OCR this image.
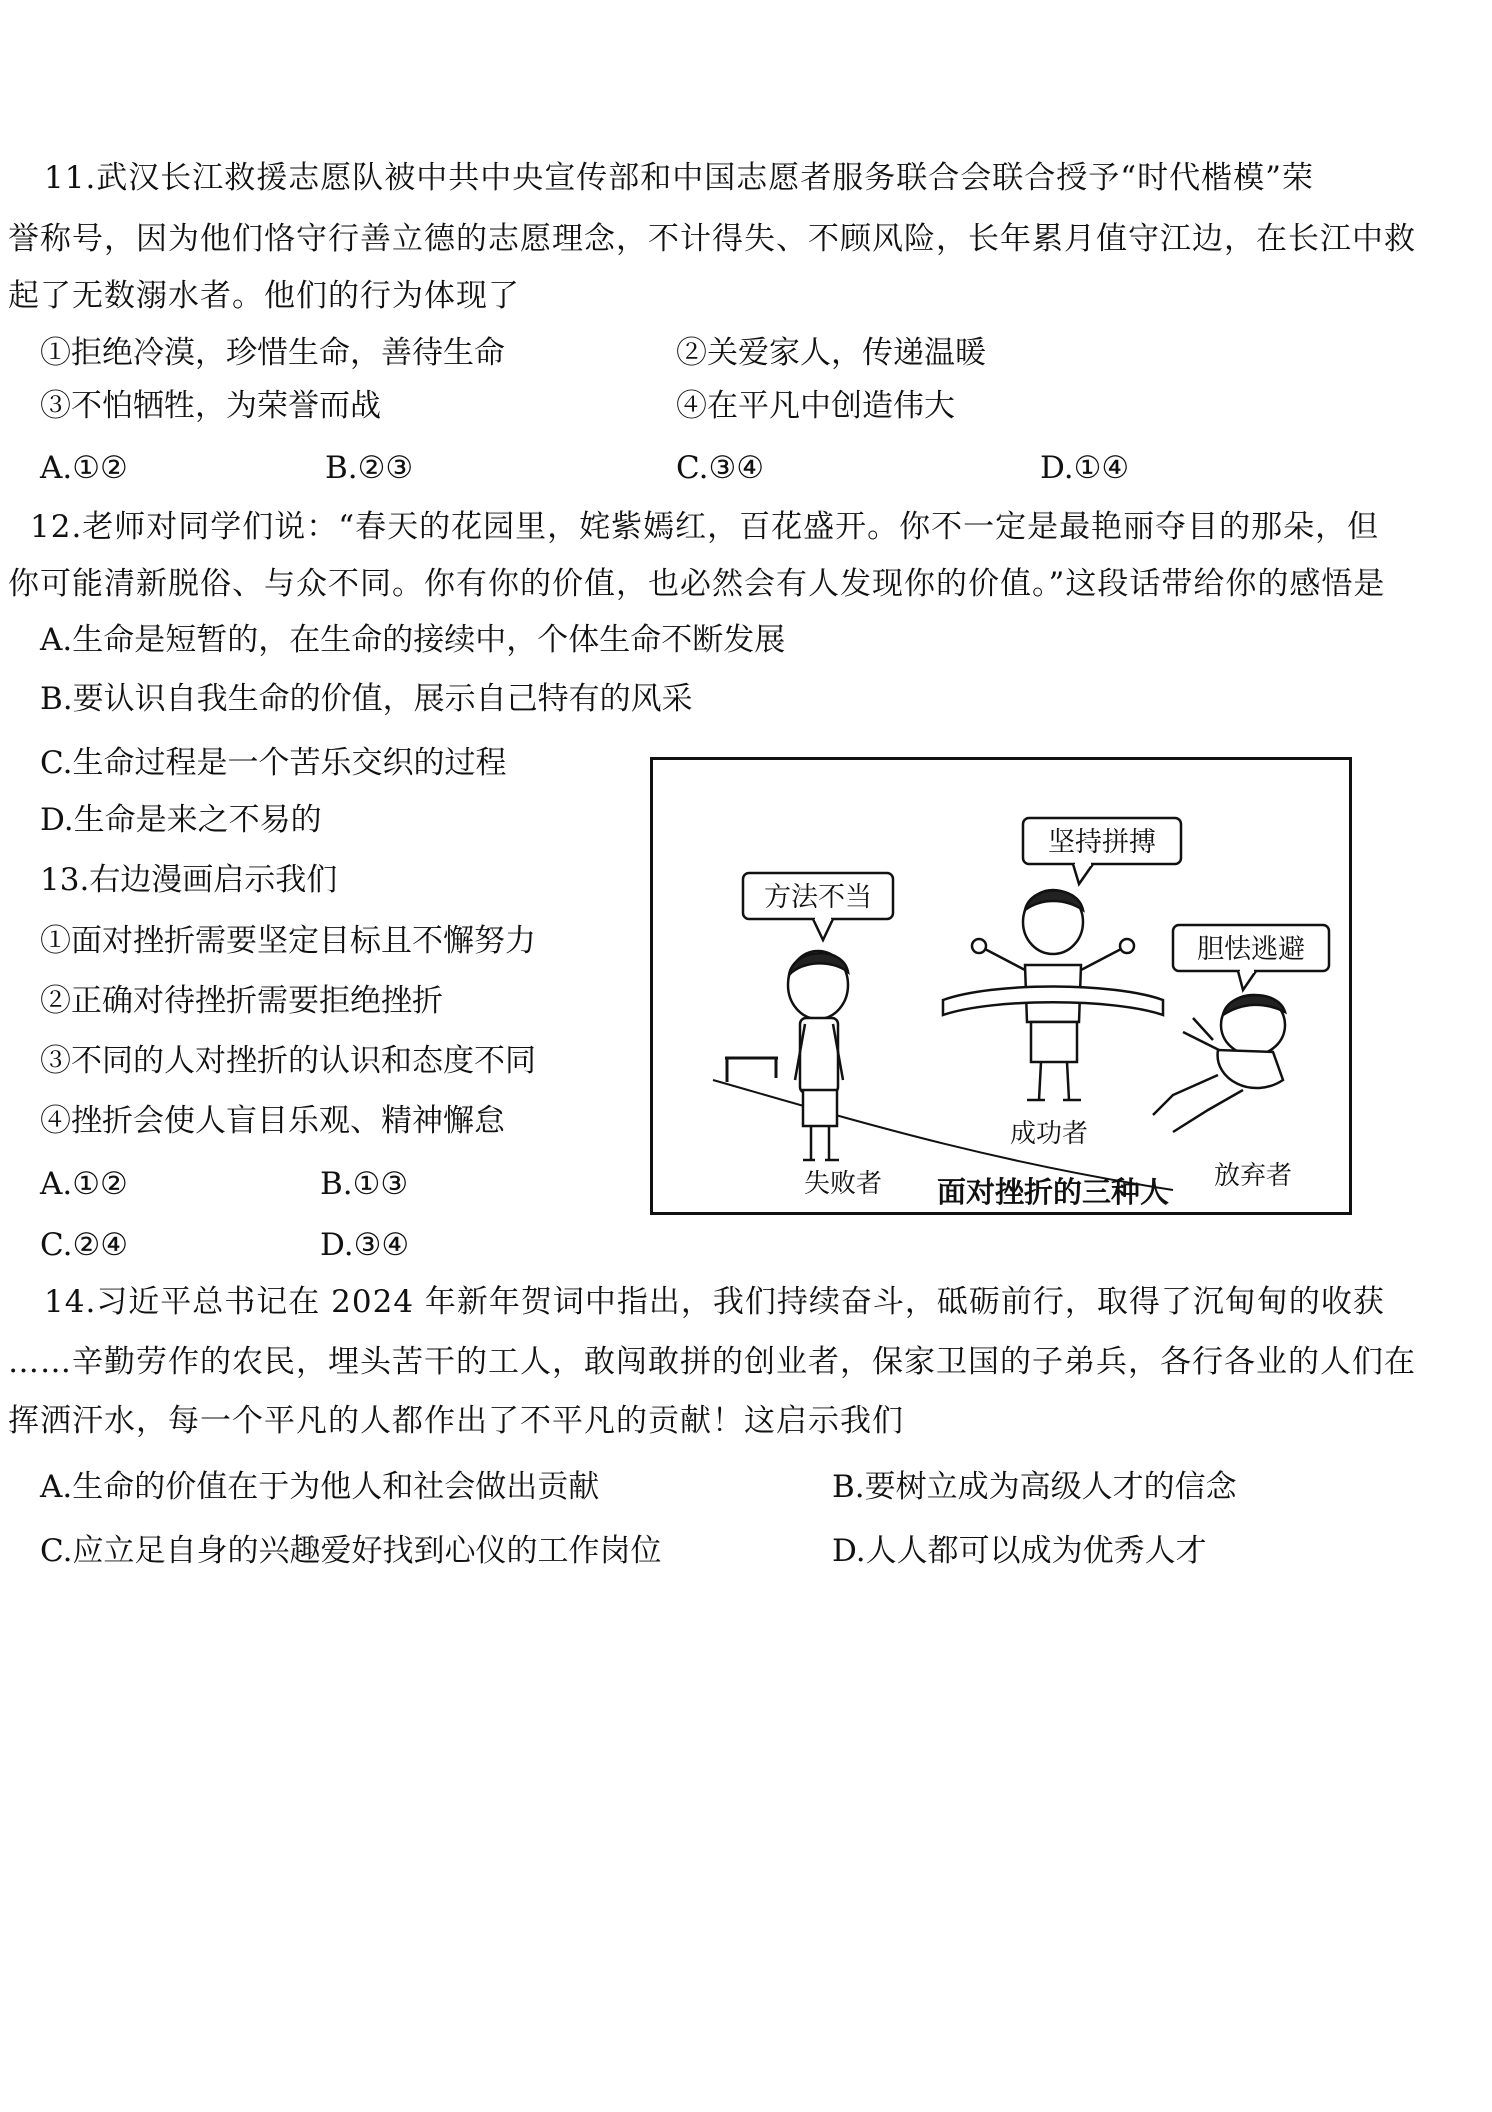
11.武汉长江救援志愿队被中共中央宣传部和中国志愿者服务联合会联合授予“时代楷模”荣
誉称号，因为他们恪守行善立德的志愿理念，不计得失、不顾风险，长年累月值守江边，在长江中救
起了无数溺水者。他们的行为体现了
①拒绝冷漠，珍惜生命，善待生命	②关爱家人，传递温暖
③不怕牺牲，为荣誉而战	④在平凡中创造伟大
A.①②	B.②③	C.③④	D.①④
12.老师对同学们说：“春天的花园里，姹紫嫣红，百花盛开。你不一定是最艳丽夺目的那朵，但
你可能清新脱俗、与众不同。你有你的价值，也必然会有人发现你的价值。”这段话带给你的感悟是
A.生命是短暂的，在生命的接续中，个体生命不断发展
B.要认识自我生命的价值，展示自己特有的风采
C.生命过程是一个苦乐交织的过程
D.生命是来之不易的
13.右边漫画启示我们
①面对挫折需要坚定目标且不懈努力
②正确对待挫折需要拒绝挫折
③不同的人对挫折的认识和态度不同
④挫折会使人盲目乐观、精神懈怠
A.①②	B.①③
C.②④	D.③④
方法不当
坚持拼搏
胆怯逃避
失败者
成功者
放弃者
面对挫折的三种人
14.习近平总书记在 2024 年新年贺词中指出，我们持续奋斗，砥砺前行，取得了沉甸甸的收获
……辛勤劳作的农民，埋头苦干的工人，敢闯敢拼的创业者，保家卫国的子弟兵，各行各业的人们在
挥洒汗水，每一个平凡的人都作出了不平凡的贡献！这启示我们
A.生命的价值在于为他人和社会做出贡献	B.要树立成为高级人才的信念
C.应立足自身的兴趣爱好找到心仪的工作岗位	D.人人都可以成为优秀人才
